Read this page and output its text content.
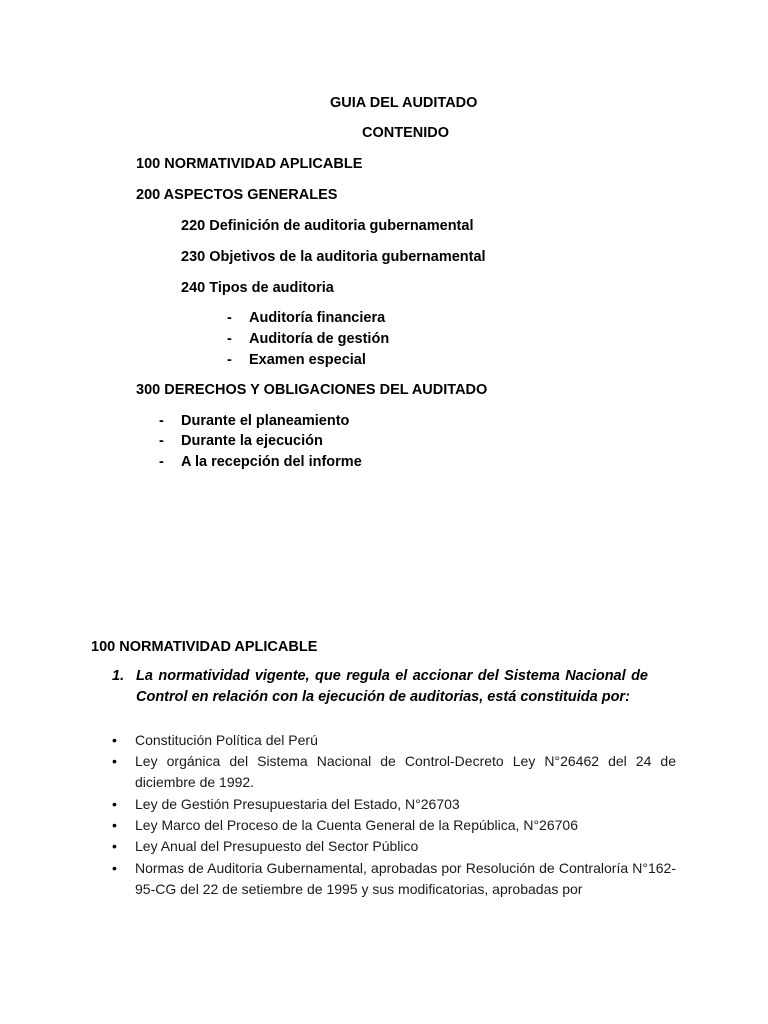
GUIA DEL AUDITADO
CONTENIDO
100 NORMATIVIDAD APLICABLE
200 ASPECTOS GENERALES
220 Definición de auditoria gubernamental
230 Objetivos de la auditoria gubernamental
240 Tipos de auditoria
- Auditoría financiera
- Auditoría de gestión
- Examen especial
300 DERECHOS Y OBLIGACIONES DEL AUDITADO
- Durante el planeamiento
- Durante la ejecución
- A la recepción del informe
100 NORMATIVIDAD APLICABLE
1. La normatividad vigente, que regula el accionar del Sistema Nacional de Control en relación con la ejecución de auditorias, está constituida por:
• Constitución Política del Perú
• Ley orgánica del Sistema Nacional de Control-Decreto Ley N°26462 del 24 de diciembre de 1992.
• Ley de Gestión Presupuestaria del Estado, N°26703
• Ley Marco del Proceso de la Cuenta General de la República, N°26706
• Ley Anual del Presupuesto del Sector Público
• Normas de Auditoria Gubernamental, aprobadas por Resolución de Contraloría N°162-95-CG del 22 de setiembre de 1995 y sus modificatorias, aprobadas por
